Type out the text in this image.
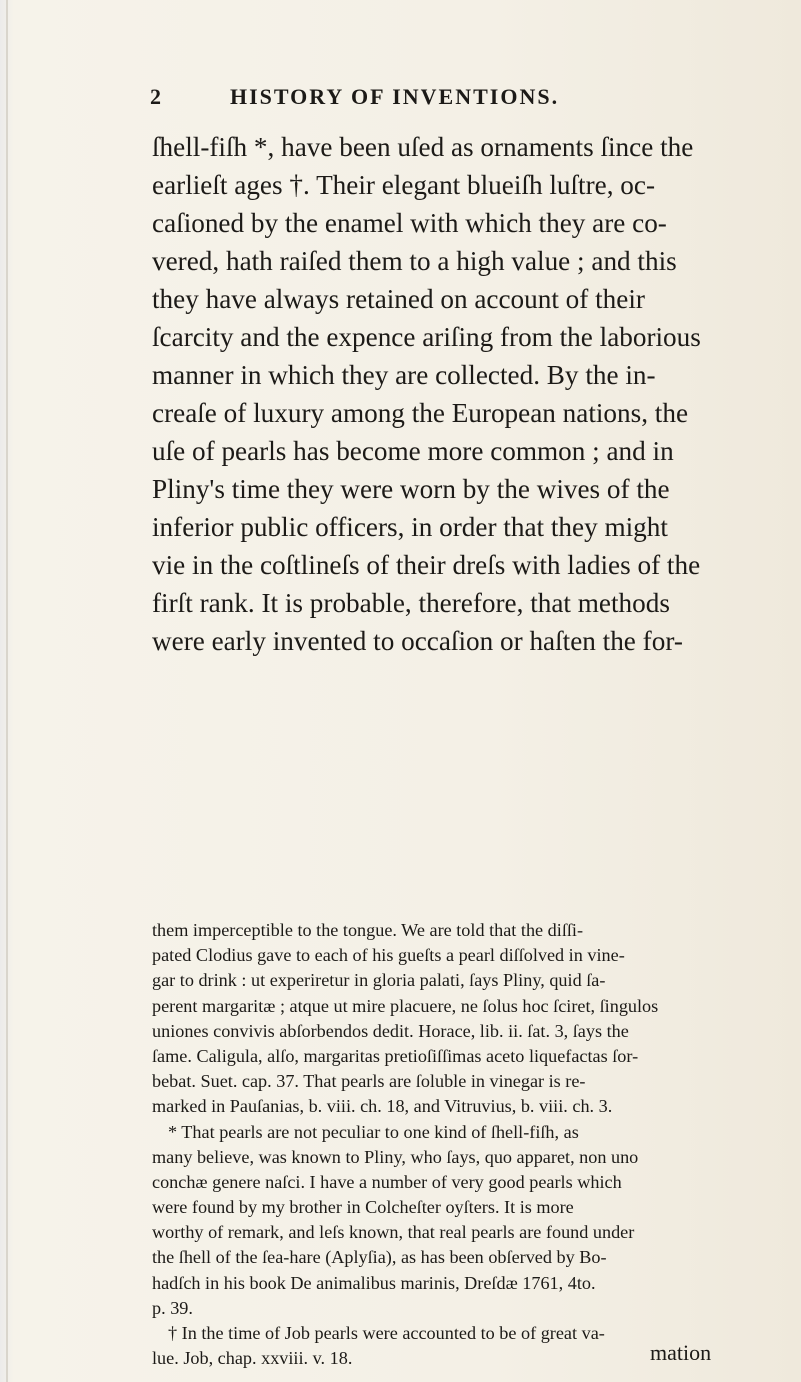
2	HISTORY OF INVENTIONS.
ſhell-fiſh *, have been uſed as ornaments ſince the
earlieſt ages †. Their elegant blueiſh luſtre, oc-
caſioned by the enamel with which they are co-
vered, hath raiſed them to a high value ; and this
they have always retained on account of their
ſcarcity and the expence ariſing from the laborious
manner in which they are collected. By the in-
creaſe of luxury among the European nations, the
uſe of pearls has become more common ; and in
Pliny's time they were worn by the wives of the
inferior public officers, in order that they might
vie in the coſtlineſs of their dreſs with ladies of the
firſt rank. It is probable, therefore, that methods
were early invented to occaſion or haſten the for-
them imperceptible to the tongue. We are told that the diſſi-
pated Clodius gave to each of his gueſts a pearl diſſolved in vine-
gar to drink : ut experiretur in gloria palati, ſays Pliny, quid ſa-
perent margaritæ ; atque ut mire placuere, ne ſolus hoc ſciret, ſingulos
uniones convivis abſorbendos dedit. Horace, lib. ii. ſat. 3, ſays the
ſame. Caligula, alſo, margaritas pretioſiſſimas aceto liquefactas ſor-
bebat. Suet. cap. 37. That pearls are ſoluble in vinegar is re-
marked in Pauſanias, b. viii. ch. 18, and Vitruvius, b. viii. ch. 3.
* That pearls are not peculiar to one kind of ſhell-fiſh, as
many believe, was known to Pliny, who ſays, quo apparet, non uno
conchæ genere naſci. I have a number of very good pearls which
were found by my brother in Colcheſter oyſters. It is more
worthy of remark, and leſs known, that real pearls are found under
the ſhell of the ſea-hare (Aplyſia), as has been obſerved by Bo-
hadſch in his book De animalibus marinis, Dreſdæ 1761, 4to.
p. 39.
† In the time of Job pearls were accounted to be of great va-
lue. Job, chap. xxviii. v. 18.	mation
